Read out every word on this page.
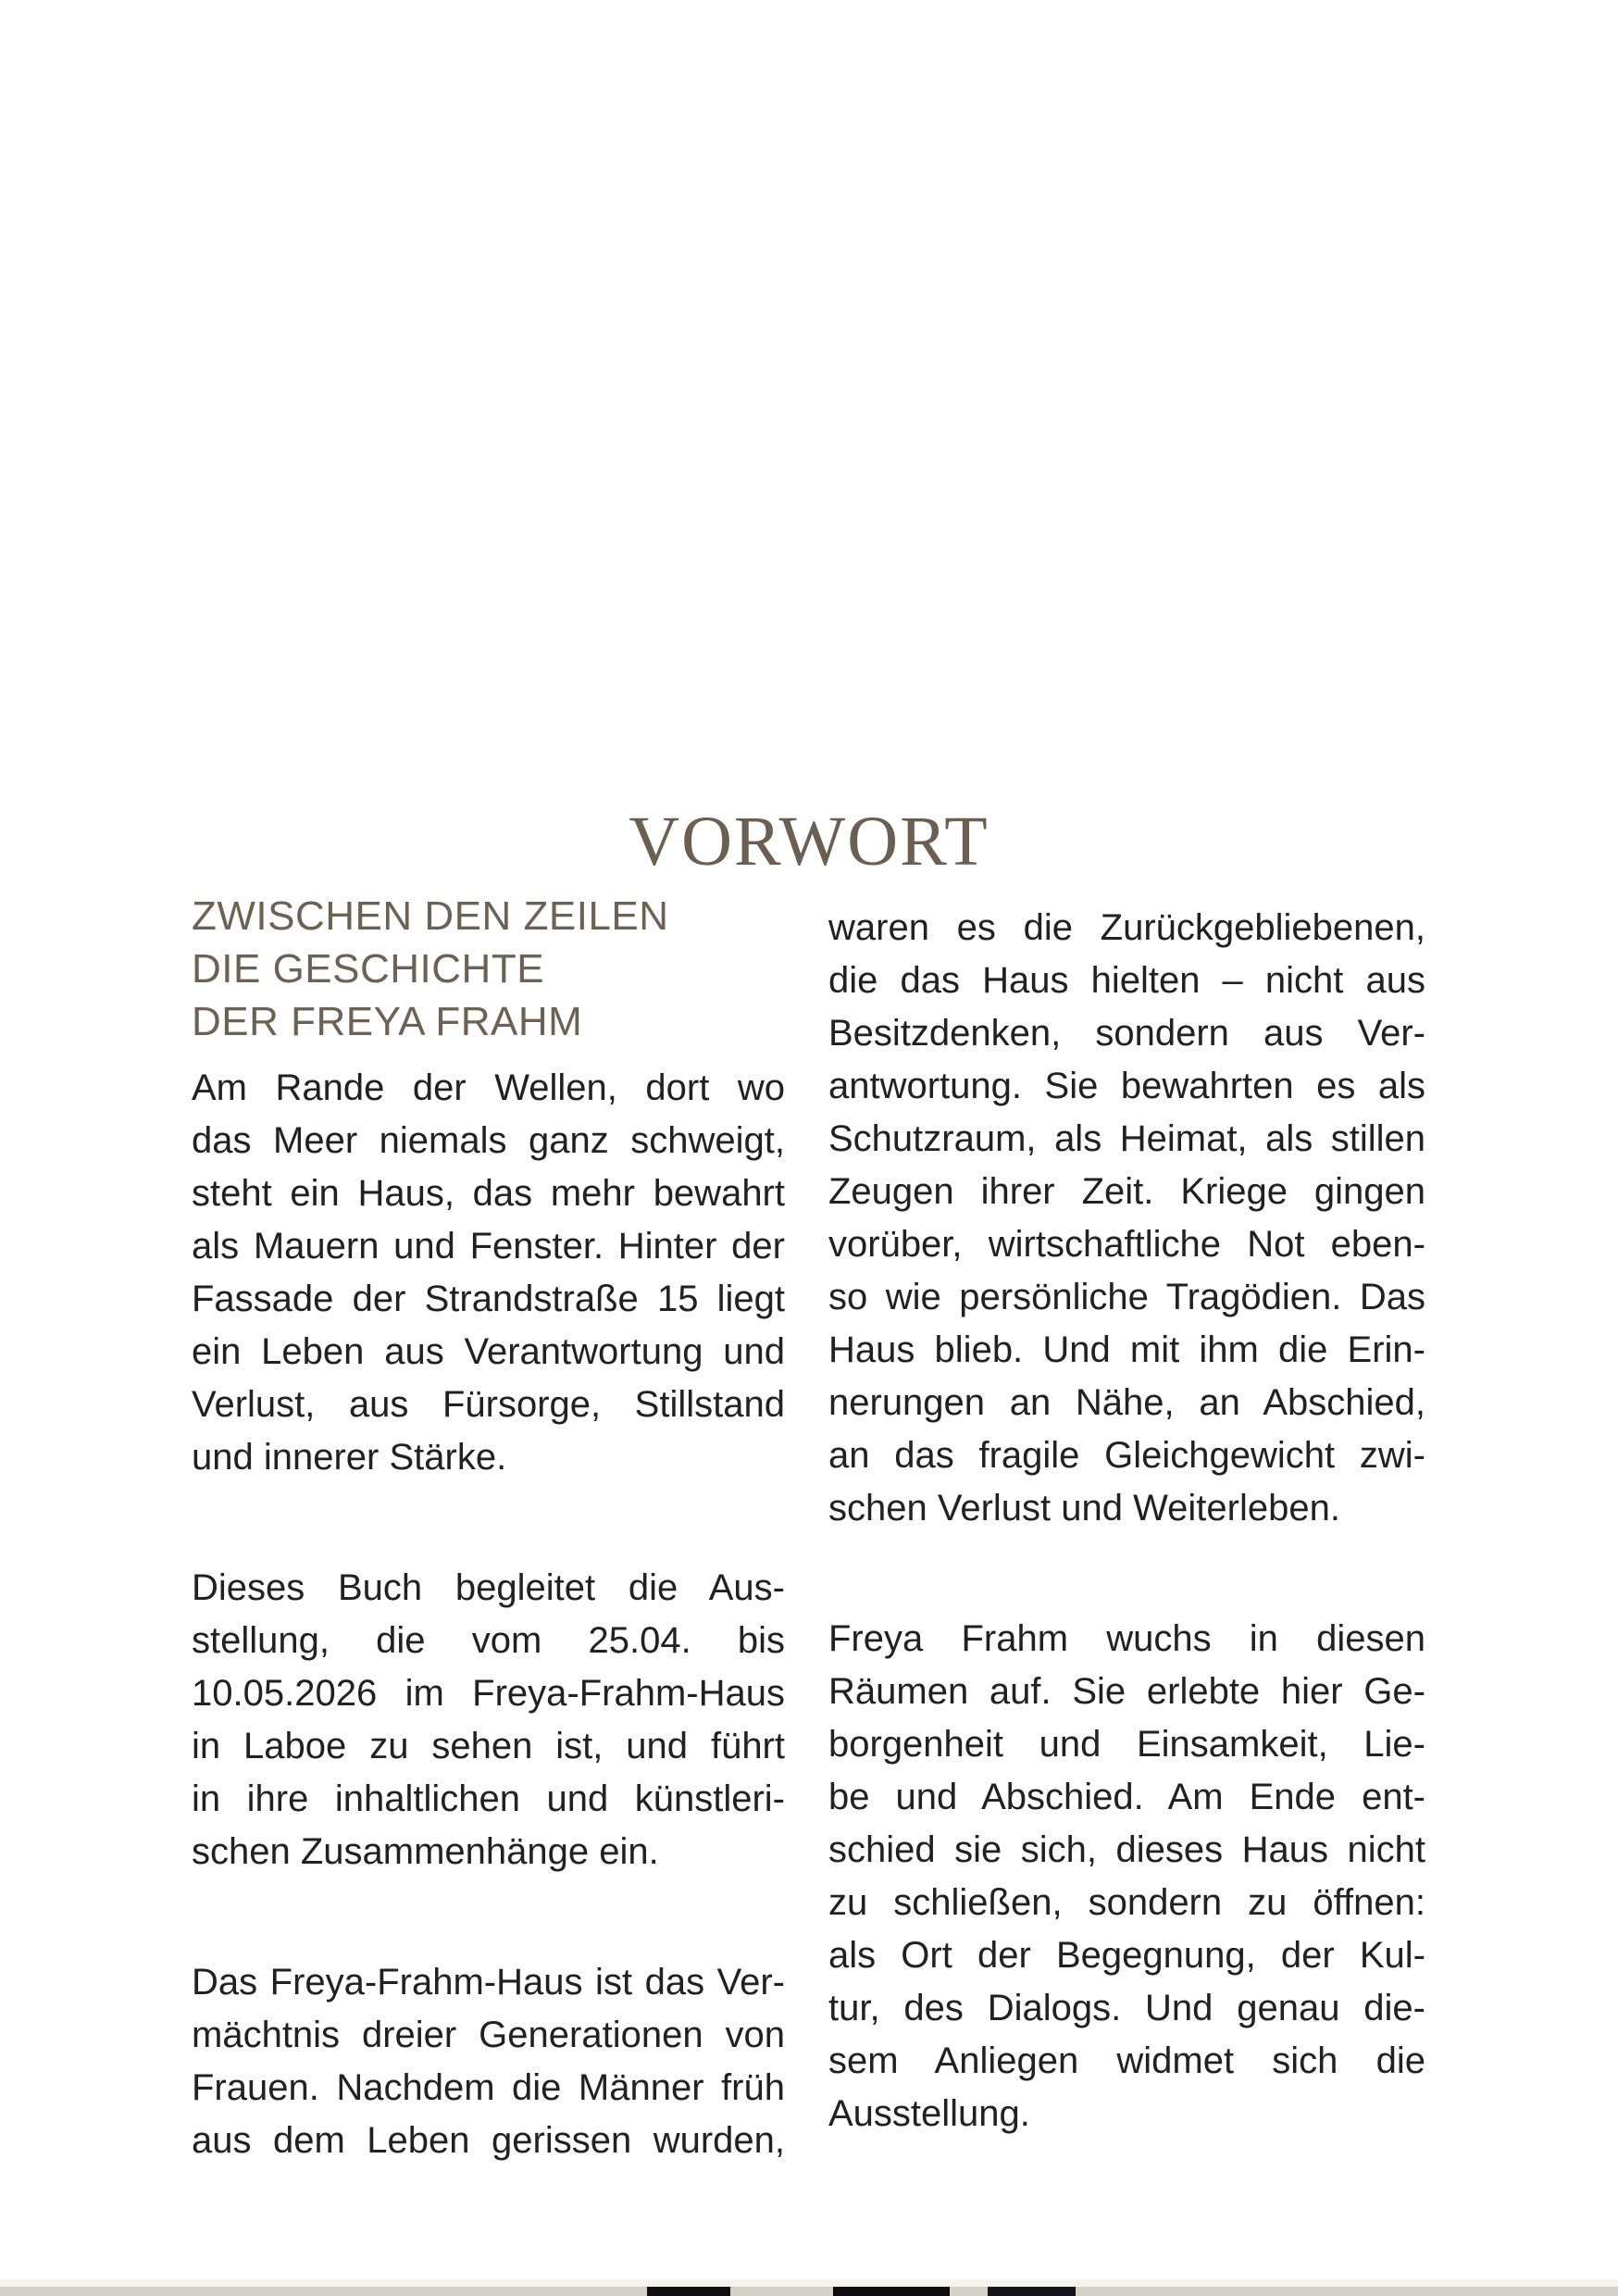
VORWORT
ZWISCHEN DEN ZEILEN
DIE GESCHICHTE
DER FREYA FRAHM

Am Rande der Wellen, dort wo
das Meer niemals ganz schweigt,
steht ein Haus, das mehr bewahrt
als Mauern und Fenster. Hinter der
Fassade der Strandstraße 15 liegt
ein Leben aus Verantwortung und
Verlust, aus Fürsorge, Stillstand
und innerer Stärke.

Dieses Buch begleitet die Aus-
stellung, die vom 25.04. bis
10.05.2026 im Freya-Frahm-Haus
in Laboe zu sehen ist, und führt
in ihre inhaltlichen und künstleri-
schen Zusammenhänge ein.

Das Freya-Frahm-Haus ist das Ver-
mächtnis dreier Generationen von
Frauen. Nachdem die Männer früh
aus dem Leben gerissen wurden,

waren es die Zurückgebliebenen,
die das Haus hielten – nicht aus
Besitzdenken, sondern aus Ver-
antwortung. Sie bewahrten es als
Schutzraum, als Heimat, als stillen
Zeugen ihrer Zeit. Kriege gingen
vorüber, wirtschaftliche Not eben-
so wie persönliche Tragödien. Das
Haus blieb. Und mit ihm die Erin-
nerungen an Nähe, an Abschied,
an das fragile Gleichgewicht zwi-
schen Verlust und Weiterleben.

Freya Frahm wuchs in diesen
Räumen auf. Sie erlebte hier Ge-
borgenheit und Einsamkeit, Lie-
be und Abschied. Am Ende ent-
schied sie sich, dieses Haus nicht
zu schließen, sondern zu öffnen:
als Ort der Begegnung, der Kul-
tur, des Dialogs. Und genau die-
sem Anliegen widmet sich die
Ausstellung.
